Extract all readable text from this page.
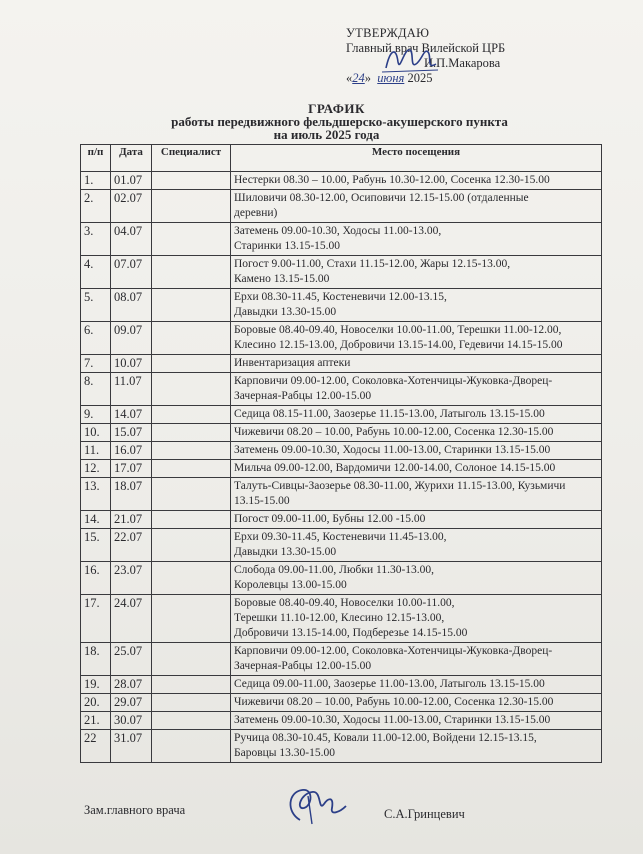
УТВЕРЖДАЮ
Главный врач Вилейской ЦРБ
И.П.Макарова
«24» июня 2025
ГРАФИК
работы передвижного фельдшерско-акушерского пункта
на июль 2025 года
п/п	Дата	Специалист	Место посещения
1.	01.07		Нестерки 08.30 – 10.00, Рабунь 10.30-12.00, Сосенка 12.30-15.00

2.	02.07		Шиловичи 08.30-12.00, Осиповичи 12.15-15.00 (отдаленные
деревни)

3.	04.07		Затемень 09.00-10.30, Ходосы 11.00-13.00,
Старинки 13.15-15.00

4.	07.07		Погост 9.00-11.00, Стахи 11.15-12.00, Жары 12.15-13.00,
Камено 13.15-15.00

5.	08.07		Ерхи 08.30-11.45, Костеневичи 12.00-13.15,
Давыдки 13.30-15.00

6.	09.07		Боровые 08.40-09.40, Новоселки 10.00-11.00, Терешки 11.00-12.00,
Клесино 12.15-13.00, Добровичи 13.15-14.00, Гедевичи 14.15-15.00

7.	10.07		Инвентаризация аптеки

8.	11.07		Карповичи 09.00-12.00, Соколовка-Хотенчицы-Жуковка-Дворец-
Зачерная-Рабцы 12.00-15.00

9.	14.07		Седица 08.15-11.00, Заозерье 11.15-13.00, Латыголь 13.15-15.00

10.	15.07		Чижевичи 08.20 – 10.00, Рабунь 10.00-12.00, Сосенка 12.30-15.00

11.	16.07		Затемень 09.00-10.30, Ходосы 11.00-13.00, Старинки 13.15-15.00

12.	17.07		Мильча 09.00-12.00, Вардомичи 12.00-14.00, Солоное 14.15-15.00

13.	18.07		Талуть-Сивцы-Заозерье 08.30-11.00, Журихи 11.15-13.00, Кузьмичи
13.15-15.00

14.	21.07		Погост 09.00-11.00, Бубны 12.00 -15.00

15.	22.07		Ерхи 09.30-11.45, Костеневичи 11.45-13.00,
Давыдки 13.30-15.00

16.	23.07		Слобода 09.00-11.00, Любки 11.30-13.00,
Королевцы 13.00-15.00

17.	24.07		Боровые 08.40-09.40, Новоселки 10.00-11.00,
Терешки 11.10-12.00, Клесино 12.15-13.00,
Добровичи 13.15-14.00, Подберезье 14.15-15.00

18.	25.07		Карповичи 09.00-12.00, Соколовка-Хотенчицы-Жуковка-Дворец-
Зачерная-Рабцы 12.00-15.00

19.	28.07		Седица 09.00-11.00, Заозерье 11.00-13.00, Латыголь 13.15-15.00

20.	29.07		Чижевичи 08.20 – 10.00, Рабунь 10.00-12.00, Сосенка 12.30-15.00

21.	30.07		Затемень 09.00-10.30, Ходосы 11.00-13.00, Старинки 13.15-15.00

22	31.07		Ручица 08.30-10.45, Ковали 11.00-12.00, Войдени 12.15-13.15,
Баровцы 13.30-15.00
Зам.главного врача	С.А.Гринцевич
